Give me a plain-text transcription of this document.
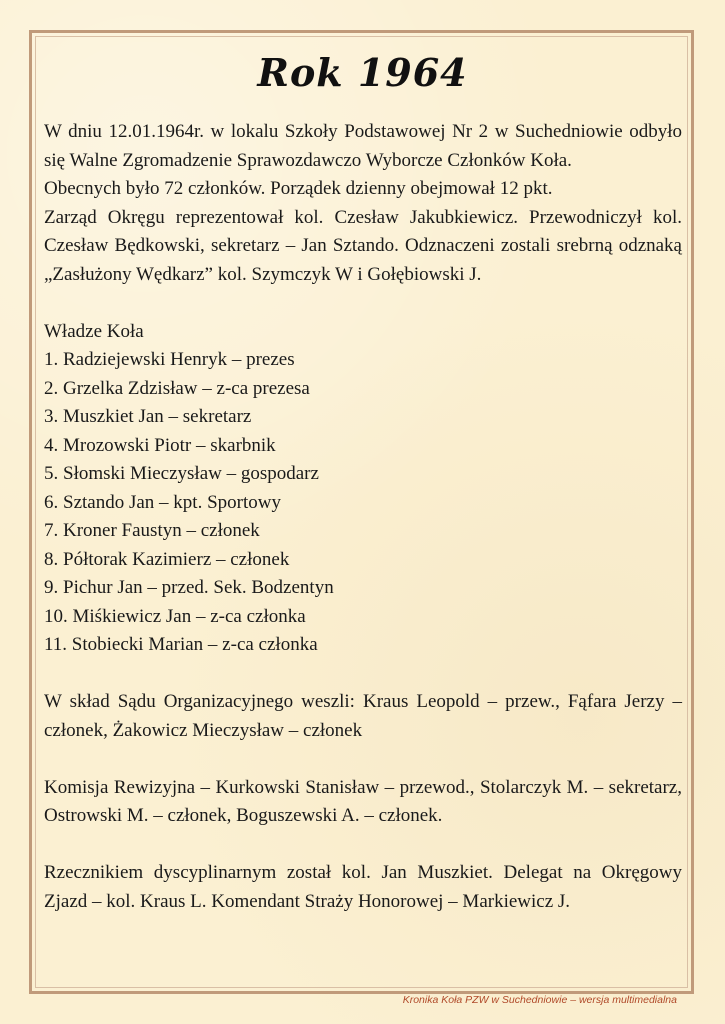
Rok 1964

W dniu 12.01.1964r. w lokalu Szkoły Podstawowej Nr 2 w Suchedniowie odbyło się Walne Zgromadzenie Sprawozdawczo Wyborcze Członków Koła.

Obecnych było 72 członków. Porządek dzienny obejmował 12 pkt.

Zarząd Okręgu reprezentował kol. Czesław Jakubkiewicz. Przewodniczył kol. Czesław Będkowski, sekretarz – Jan Sztando. Odznaczeni zostali srebrną odznaką „Zasłużony Wędkarz” kol. Szymczyk W i Gołębiowski J.

Władze Koła

1. Radziejewski Henryk – prezes
2. Grzelka Zdzisław – z-ca prezesa
3. Muszkiet Jan – sekretarz
4. Mrozowski Piotr – skarbnik
5. Słomski Mieczysław – gospodarz
6. Sztando Jan – kpt. Sportowy
7. Kroner Faustyn – członek
8. Półtorak Kazimierz – członek
9. Pichur Jan – przed. Sek. Bodzentyn
10. Miśkiewicz Jan – z-ca członka
11. Stobiecki Marian – z-ca członka

W skład Sądu Organizacyjnego weszli: Kraus Leopold – przew., Fąfara Jerzy – członek, Żakowicz Mieczysław – członek

Komisja Rewizyjna – Kurkowski Stanisław – przewod., Stolarczyk M. – sekretarz, Ostrowski M. – członek, Boguszewski A. – członek.

Rzecznikiem dyscyplinarnym został kol. Jan Muszkiet. Delegat na Okręgowy Zjazd – kol. Kraus L. Komendant Straży Honorowej – Markiewicz J.

Kronika Koła PZW w Suchedniowie – wersja multimedialna
